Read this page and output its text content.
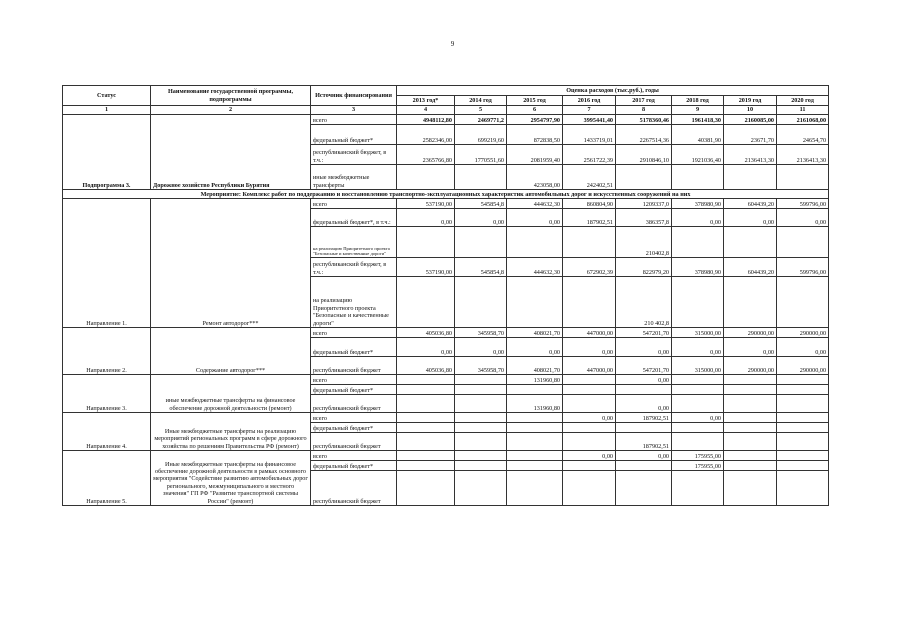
9
Статус	Наименование государственной программы, подпрограммы	Источник финансирования	Оценка расходов (тыс.руб.), годы							
			2013 год*	2014 год	2015 год	2016 год	2017 год	2018 год	2019 год	2020 год
1	2	3	4	5	6	7	8	9	10	11
Подпрограмма 3.	Дорожное хозяйство Республики Бурятия	всего	4948112,80	2469771,2	2954797,90	3995441,40	5178360,46	1961418,30	2160085,00	2161068,00
		федеральный бюджет*	2582346,00	699219,60	872838,50	1433719,01	2267514,36	40381,90	23671,70	24654,70
		республиканский бюджет, в т.ч.:	2365766,80	1770551,60	2081959,40	2561722,39	2910846,10	1921036,40	2136413,30	2136413,30
		иные межбюджетные трансферты			423058,00	242402,51				
Мероприятие: Комплекс работ по поддержанию и восстановлению транспортно-эксплуатационных характеристик автомобильных дорог и искусственных сооружений на них										
Направление 1.	Ремонт автодорог***	всего	537190,00	545854,8	444632,30	860804,90	1209337,0	378980,90	604439,20	599796,00
		федеральный бюджет*, в т.ч.:	0,00	0,00	0,00	187902,51	386357,8	0,00	0,00	0,00
		на реализацию Приоритетного проекта "Безопасные и качественные дороги"					210402,8			
		республиканский бюджет, в т.ч.:	537190,00	545854,8	444632,30	672902,39	822979,20	378980,90	604439,20	599796,00
		на реализацию Приоритетного проекта "Безопасные и качественные дороги"					210 402,8			
Направление 2.	Содержание автодорог***	всего	405036,80	345958,70	408021,70	447000,00	547201,70	315000,00	290000,00	290000,00
		федеральный бюджет*	0,00	0,00	0,00	0,00	0,00	0,00	0,00	0,00
		республиканский бюджет	405036,80	345958,70	408021,70	447000,00	547201,70	315000,00	290000,00	290000,00
Направление 3.	иные межбюджетные трансферты на финансовое обеспечение дорожной деятельности (ремонт)	всего			131960,80		0,00			
		федеральный бюджет*								
		республиканский бюджет			131960,80		0,00			
Направление 4.	Иные межбюджетные трансферты на реализацию мероприятий региональных программ в сфере дорожного хозяйства по решениям Правительства РФ (ремонт)	всего				0,00	187902,51	0,00		
		федеральный бюджет*								
		республиканский бюджет					187902,51			
Направление 5.	Иные межбюджетные трансферты на финансовое обеспечение дорожной деятельности в рамках основного мероприятия "Содействие развитию автомобильных дорог регионального, межмуниципального и местного значения" ГП РФ "Развитие транспортной системы России" (ремонт)	всего				0,00	0,00	175955,00		
		федеральный бюджет*						175955,00		
		республиканский бюджет								
